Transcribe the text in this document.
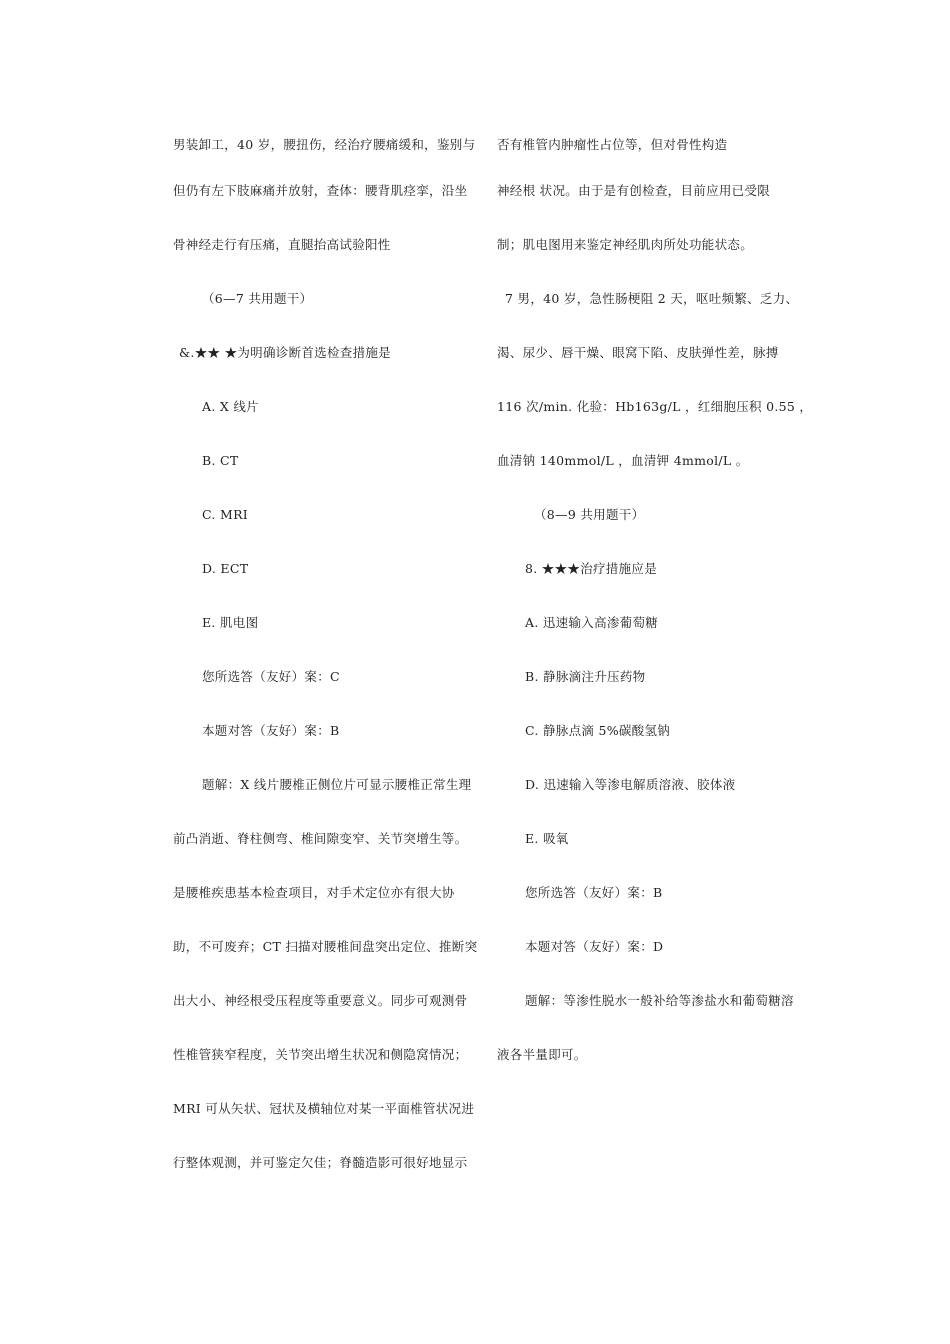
男装卸工，40 岁，腰扭伤，经治疗腰痛缓和，鉴别与
但仍有左下肢麻痛并放射，查体：腰背肌痉挛，沿坐
骨神经走行有压痛，直腿抬高试验阳性
（6—7 共用题干）
&.★★ ★为明确诊断首选检查措施是
A. X 线片
B. CT
C. MRI
D. ECT
E. 肌电图
您所选答（友好）案：C
本题对答（友好）案：B
题解：X 线片腰椎正侧位片可显示腰椎正常生理
前凸消逝、脊柱侧弯、椎间隙变窄、关节突增生等。
是腰椎疾患基本检查项目，对手术定位亦有很大协
助，不可废弃；CT 扫描对腰椎间盘突出定位、推断突
出大小、神经根受压程度等重要意义。同步可观测骨
性椎管狭窄程度，关节突出增生状况和侧隐窝情况；
MRI 可从矢状、冠状及横轴位对某一平面椎管状况进
行整体观测，并可鉴定欠佳；脊髓造影可很好地显示
否有椎管内肿瘤性占位等，但对骨性构造
神经根 状况。由于是有创检查，目前应用已受限
制；肌电图用来鉴定神经肌肉所处功能状态。
7 男，40 岁，急性肠梗阻 2 天，呕吐频繁、乏力、
渴、尿少、唇干燥、眼窝下陷、皮肤弹性差，脉搏
116 次/min. 化验：Hb163g/L ，红细胞压积 0.55 ，
血清钠 140mmol/L ，血清钾 4mmol/L 。
（8—9 共用题干）
8. ★★★治疗措施应是
A. 迅速输入高渗葡萄糖
B. 静脉滴注升压药物
C. 静脉点滴 5%碳酸氢钠
D. 迅速输入等渗电解质溶液、胶体液
E. 吸氧
您所选答（友好）案：B
本题对答（友好）案：D
题解：等渗性脱水一般补给等渗盐水和葡萄糖溶
液各半量即可。
